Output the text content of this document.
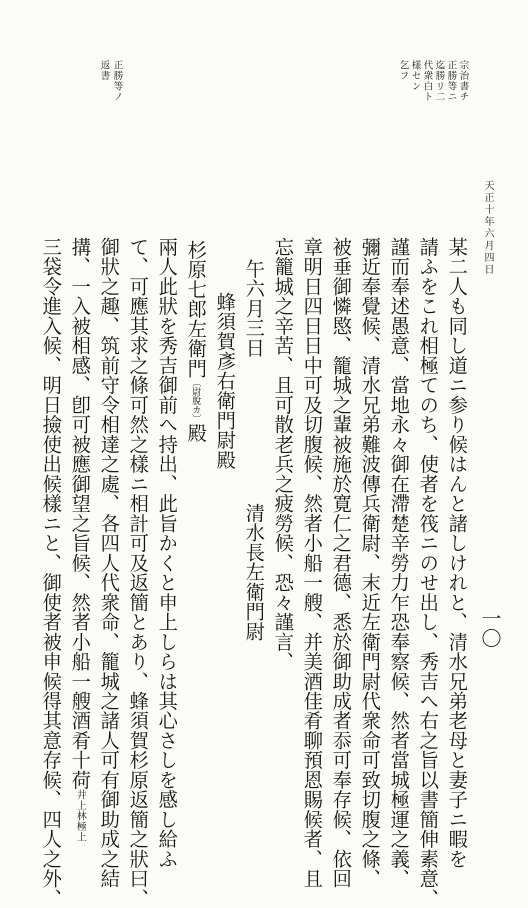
宗治書チ
正勝等ニ
迄勝リ二
代衆白ト
様セン
乞フ
正勝等ノ
返書
天正十年六月四日
一〇
某二人も同し道ニ参り候はんと諸しけれと、清水兄弟老母と妻子ニ暇を
請ふをこれ相極てのち、使者を筏ニのせ出し、秀吉へ右之旨以書簡伸素意、
謹而奉述愚意、當地永々御在滯楚辛勞力乍恐奉察候、然者當城極運之義、
彌近奉覺候、清水兄弟難波傳兵衛尉、末近左衛門尉代衆命可致切腹之條、
被垂御憐愍、籠城之輩被施於寛仁之君德、悉於御助成者忝可奉存候、依回
章明日四日日中可及切腹候、然者小船一艘、并美酒佳肴聊預恩賜候者、且
忘籠城之辛苦、且可散老兵之疲勞候、恐々謹言、
清水長左衛門尉
午六月三日
蜂須賀彥右衛門尉殿
杉原七郎左衛門〔尉脫カ〕殿
兩人此狀を秀吉御前へ持出、此旨かくと申上しらは其心さしを感し給ふ
て、可應其求之條可然之樣ニ相計可及返簡とあり、蜂須賀杉原返簡之狀曰、
御狀之趣、筑前守令相達之處、各四人代衆命、籠城之諸人可有御助成之結
搆、一入被相感、卽可被應御望之旨候、然者小船一艘酒肴十荷井上林極上
三袋令進入候、明日撿使出候樣ニと、御使者被申候得其意存候、四人之外、
